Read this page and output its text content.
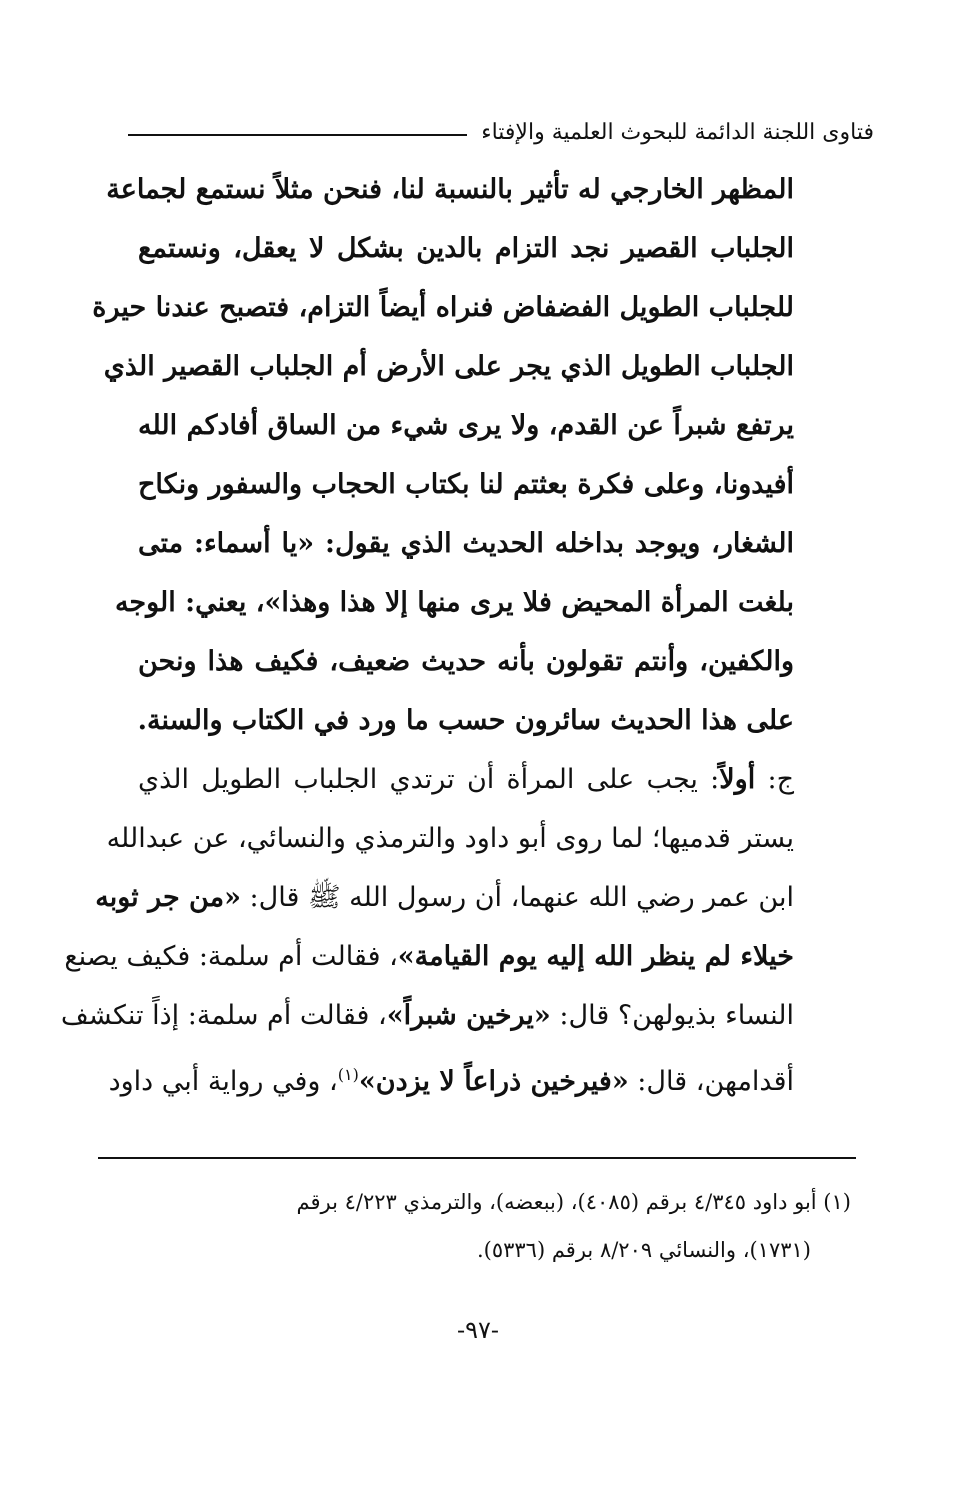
فتاوى اللجنة الدائمة للبحوث العلمية والإفتاء
المظهر الخارجي له تأثير بالنسبة لنا، فنحن مثلاً نستمع لجماعة
الجلباب القصير نجد التزام بالدين بشكل لا يعقل، ونستمع
للجلباب الطويل الفضفاض فنراه أيضاً التزام، فتصبح عندنا حيرة
الجلباب الطويل الذي يجر على الأرض أم الجلباب القصير الذي
يرتفع شبراً عن القدم، ولا يرى شيء من الساق أفادكم الله
أفيدونا، وعلى فكرة بعثتم لنا بكتاب الحجاب والسفور ونكاح
الشغار، ويوجد بداخله الحديث الذي يقول: «يا أسماء: متى
بلغت المرأة المحيض فلا يرى منها إلا هذا وهذا»، يعني: الوجه
والكفين، وأنتم تقولون بأنه حديث ضعيف، فكيف هذا ونحن
على هذا الحديث سائرون حسب ما ورد في الكتاب والسنة.
ج: أولاً: يجب على المرأة أن ترتدي الجلباب الطويل الذي
يستر قدميها؛ لما روى أبو داود والترمذي والنسائي، عن عبدالله
ابن عمر رضي الله عنهما، أن رسول الله ﷺ قال: «من جر ثوبه
خيلاء لم ينظر الله إليه يوم القيامة»، فقالت أم سلمة: فكيف يصنع
النساء بذيولهن؟ قال: «يرخين شبراً»، فقالت أم سلمة: إذاً تنكشف
أقدامهن، قال: «فيرخين ذراعاً لا يزدن»$^{(١)}$، وفي رواية أبي داود
(١) أبو داود ٤/٣٤٥ برقم (٤٠٨٥)، (ببعضه)، والترمذي ٤/٢٢٣ برقم
(١٧٣١)، والنسائي ٨/٢٠٩ برقم (٥٣٣٦).
-٩٧-
